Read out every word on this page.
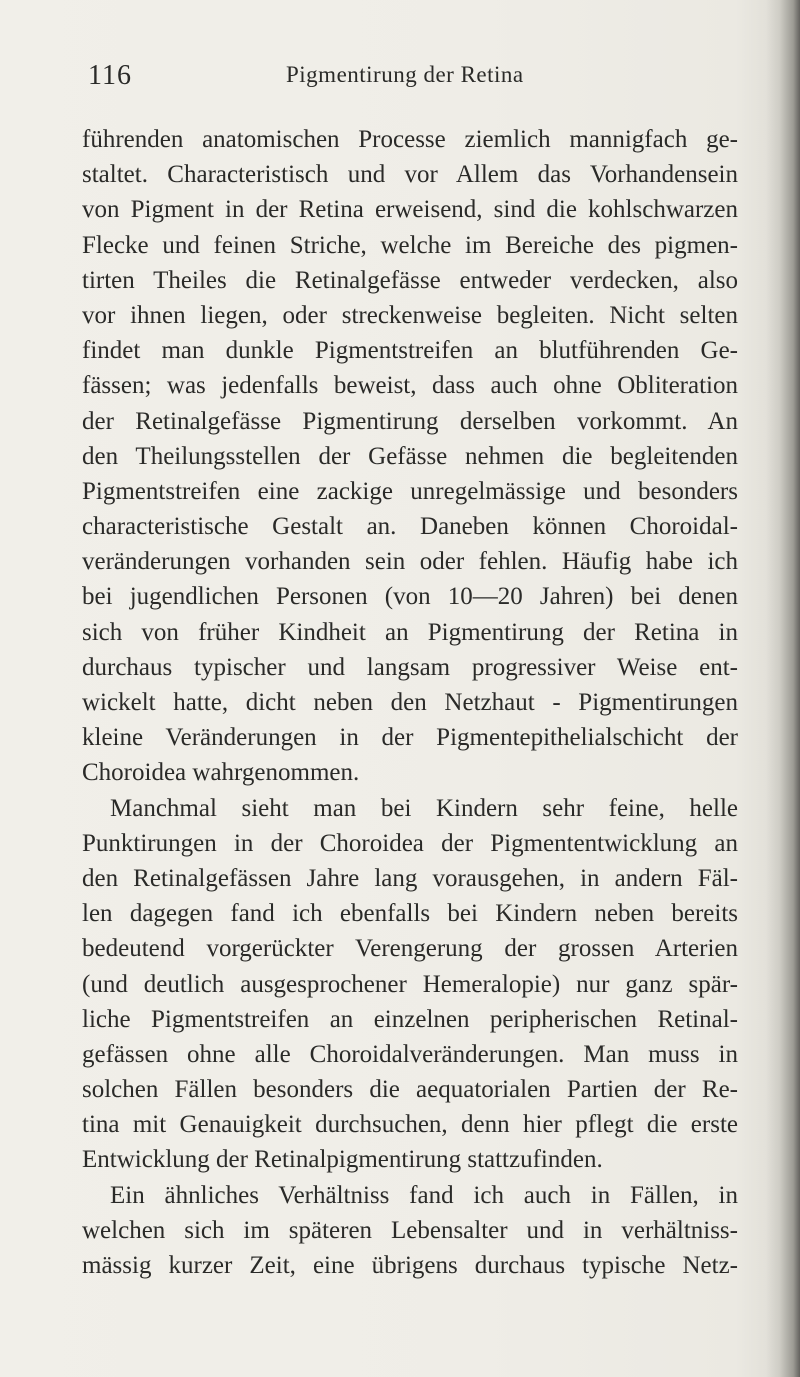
116	Pigmentirung der Retina
führenden anatomischen Processe ziemlich mannigfach ge-
staltet. Characteristisch und vor Allem das Vorhandensein
von Pigment in der Retina erweisend, sind die kohlschwarzen
Flecke und feinen Striche, welche im Bereiche des pigmen-
tirten Theiles die Retinalgefässe entweder verdecken, also
vor ihnen liegen, oder streckenweise begleiten. Nicht selten
findet man dunkle Pigmentstreifen an blutführenden Ge-
fässen; was jedenfalls beweist, dass auch ohne Obliteration
der Retinalgefässe Pigmentirung derselben vorkommt. An
den Theilungsstellen der Gefässe nehmen die begleitenden
Pigmentstreifen eine zackige unregelmässige und besonders
characteristische Gestalt an. Daneben können Choroidal-
veränderungen vorhanden sein oder fehlen. Häufig habe ich
bei jugendlichen Personen (von 10—20 Jahren) bei denen
sich von früher Kindheit an Pigmentirung der Retina in
durchaus typischer und langsam progressiver Weise ent-
wickelt hatte, dicht neben den Netzhaut - Pigmentirungen
kleine Veränderungen in der Pigmentepithelialschicht der
Choroidea wahrgenommen.
Manchmal sieht man bei Kindern sehr feine, helle
Punktirungen in der Choroidea der Pigmententwicklung an
den Retinalgefässen Jahre lang vorausgehen, in andern Fäl-
len dagegen fand ich ebenfalls bei Kindern neben bereits
bedeutend vorgerückter Verengerung der grossen Arterien
(und deutlich ausgesprochener Hemeralopie) nur ganz spär-
liche Pigmentstreifen an einzelnen peripherischen Retinal-
gefässen ohne alle Choroidalveränderungen. Man muss in
solchen Fällen besonders die aequatorialen Partien der Re-
tina mit Genauigkeit durchsuchen, denn hier pflegt die erste
Entwicklung der Retinalpigmentirung stattzufinden.
Ein ähnliches Verhältniss fand ich auch in Fällen, in
welchen sich im späteren Lebensalter und in verhältniss-
mässig kurzer Zeit, eine übrigens durchaus typische Netz-
